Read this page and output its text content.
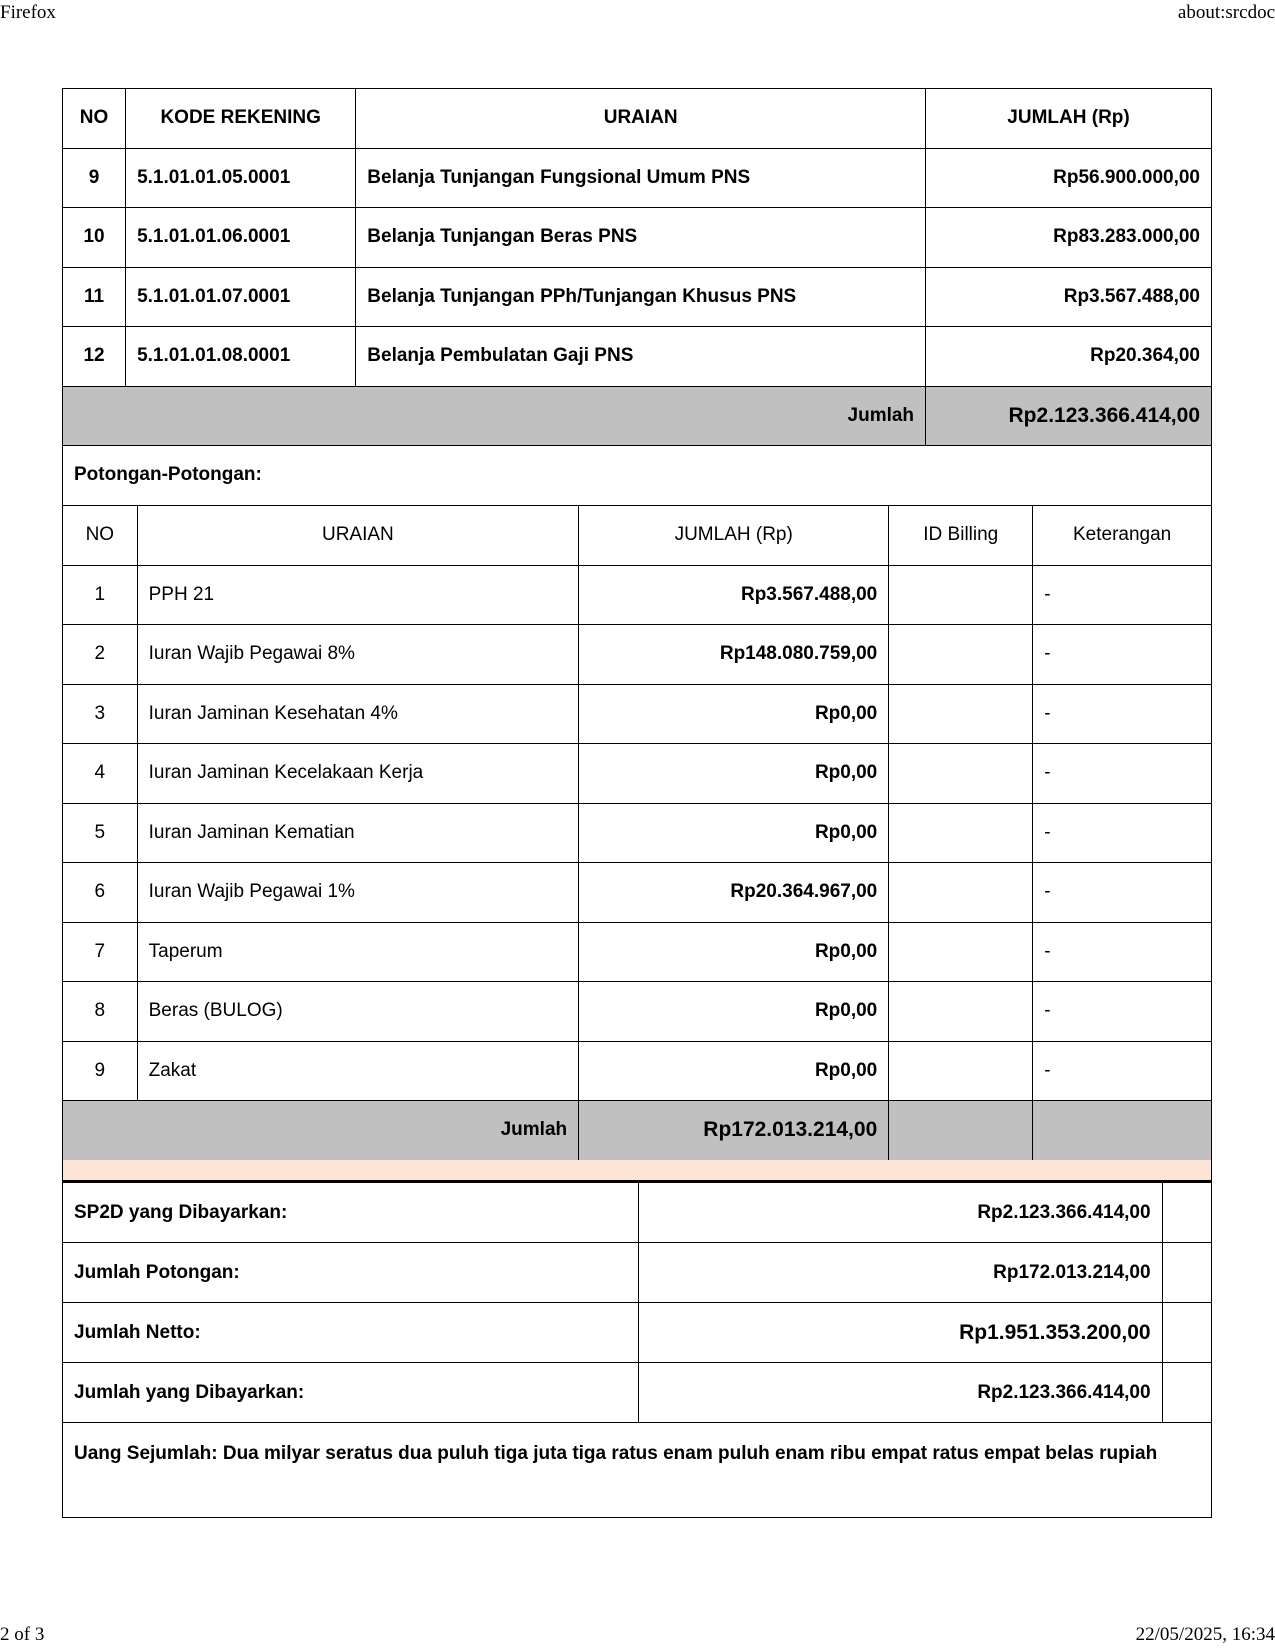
Firefox	about:srcdoc
NO	KODE REKENING	URAIAN	JUMLAH (Rp)
9	5.1.01.01.05.0001	Belanja Tunjangan Fungsional Umum PNS	Rp56.900.000,00
10	5.1.01.01.06.0001	Belanja Tunjangan Beras PNS	Rp83.283.000,00
11	5.1.01.01.07.0001	Belanja Tunjangan PPh/Tunjangan Khusus PNS	Rp3.567.488,00
12	5.1.01.01.08.0001	Belanja Pembulatan Gaji PNS	Rp20.364,00
Jumlah			Rp2.123.366.414,00
Potongan-Potongan:			
NO	URAIAN	JUMLAH (Rp)	ID Billing	Keterangan
1	PPH 21	Rp3.567.488,00		-
2	Iuran Wajib Pegawai 8%	Rp148.080.759,00		-
3	Iuran Jaminan Kesehatan 4%	Rp0,00		-
4	Iuran Jaminan Kecelakaan Kerja	Rp0,00		-
5	Iuran Jaminan Kematian	Rp0,00		-
6	Iuran Wajib Pegawai 1%	Rp20.364.967,00		-
7	Taperum	Rp0,00		-
8	Beras (BULOG)	Rp0,00		-
9	Zakat	Rp0,00		-
Jumlah		Rp172.013.214,00		
SP2D yang Dibayarkan:	Rp2.123.366.414,00	
Jumlah Potongan:	Rp172.013.214,00	
Jumlah Netto:	Rp1.951.353.200,00	
Jumlah yang Dibayarkan:	Rp2.123.366.414,00	
Uang Sejumlah: Dua milyar seratus dua puluh tiga juta tiga ratus enam puluh enam ribu empat ratus empat belas rupiah
2 of 3	22/05/2025, 16:34
